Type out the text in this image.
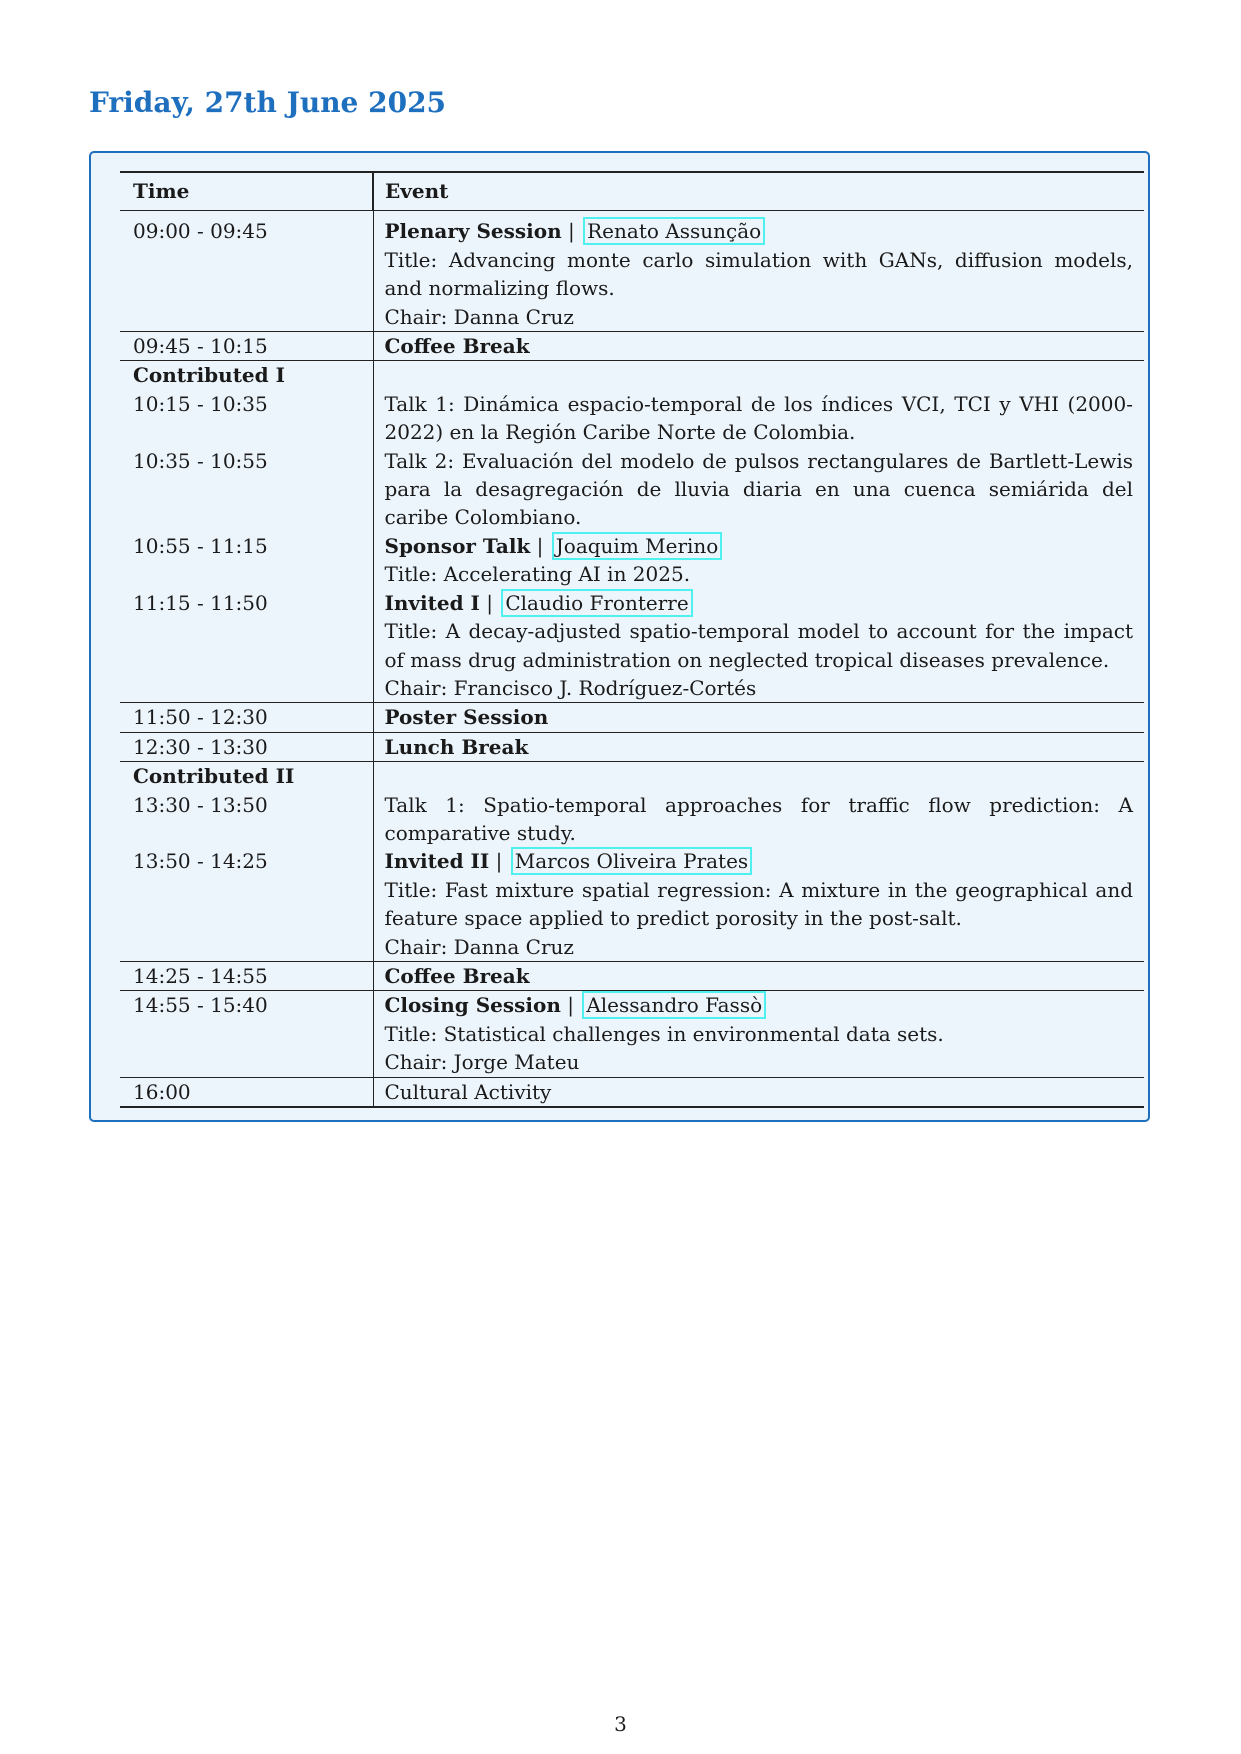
Friday, 27th June 2025
Time	Event
09:00 - 09:45	Plenary Session | Renato Assunção
Title: Advancing monte carlo simulation with GANs, diffusion models, and normalizing flows.
Chair: Danna Cruz

09:45 - 10:15	Coffee Break
Contributed I	
10:15 - 10:35	Talk 1: Dinámica espacio-temporal de los índices VCI, TCI y VHI (2000-2022) en la Región Caribe Norte de Colombia.
10:35 - 10:55	Talk 2: Evaluación del modelo de pulsos rectangulares de Bartlett-Lewis para la desagregación de lluvia diaria en una cuenca semiárida del caribe Colombiano.
10:55 - 11:15	Sponsor Talk | Joaquim Merino
Title: Accelerating AI in 2025.

11:15 - 11:50	Invited I | Claudio Fronterre
Title: A decay-adjusted spatio-temporal model to account for the impact of mass drug administration on neglected tropical diseases prevalence.
Chair: Francisco J. Rodríguez-Cortés

11:50 - 12:30	Poster Session
12:30 - 13:30	Lunch Break
Contributed II	
13:30 - 13:50	Talk 1: Spatio-temporal approaches for traffic flow prediction: A comparative study.
13:50 - 14:25	Invited II | Marcos Oliveira Prates
Title: Fast mixture spatial regression: A mixture in the geographical and feature space applied to predict porosity in the post-salt.
Chair: Danna Cruz

14:25 - 14:55	Coffee Break
14:55 - 15:40	Closing Session | Alessandro Fassò
Title: Statistical challenges in environmental data sets.
Chair: Jorge Mateu

16:00	Cultural Activity
3
